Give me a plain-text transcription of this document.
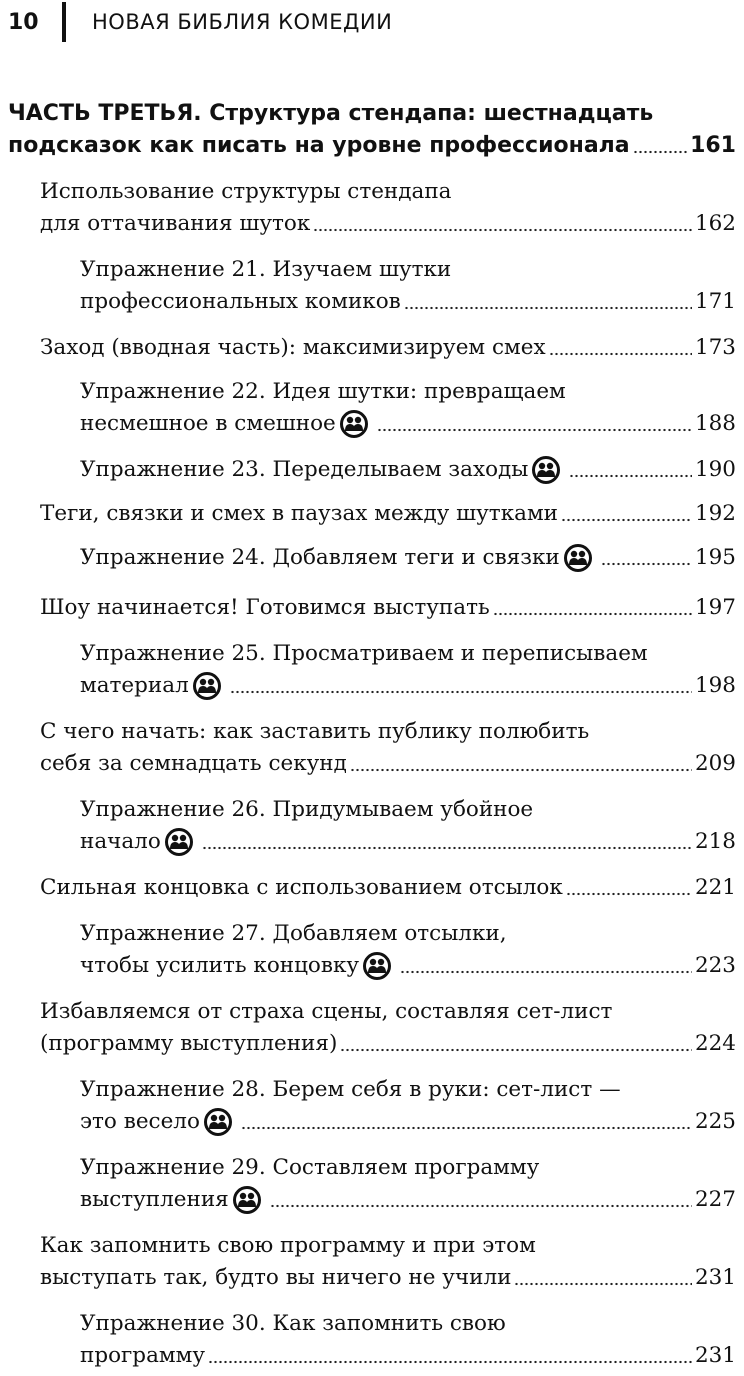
10	НОВАЯ БИБЛИЯ КОМЕДИИ
ЧАСТЬ ТРЕТЬЯ. Структура стендапа: шестнадцать
подсказок как писать на уровне профессионала	161
Использование структуры стендапа
для оттачивания шуток	162
Упражнение 21. Изучаем шутки
профессиональных комиков	171
Заход (вводная часть): максимизируем смех	173
Упражнение 22. Идея шутки: превращаем
несмешное в смешное	188
Упражнение 23. Переделываем заходы	190
Теги, связки и смех в паузах между шутками	192
Упражнение 24. Добавляем теги и связки	195
Шоу начинается! Готовимся выступать	197
Упражнение 25. Просматриваем и переписываем
материал	198
С чего начать: как заставить публику полюбить
себя за семнадцать секунд	209
Упражнение 26. Придумываем убойное
начало	218
Сильная концовка с использованием отсылок	221
Упражнение 27. Добавляем отсылки,
чтобы усилить концовку	223
Избавляемся от страха сцены, составляя сет-лист
(программу выступления)	224
Упражнение 28. Берем себя в руки: сет-лист —
это весело	225
Упражнение 29. Составляем программу
выступления	227
Как запомнить свою программу и при этом
выступать так, будто вы ничего не учили	231
Упражнение 30. Как запомнить свою
программу	231
